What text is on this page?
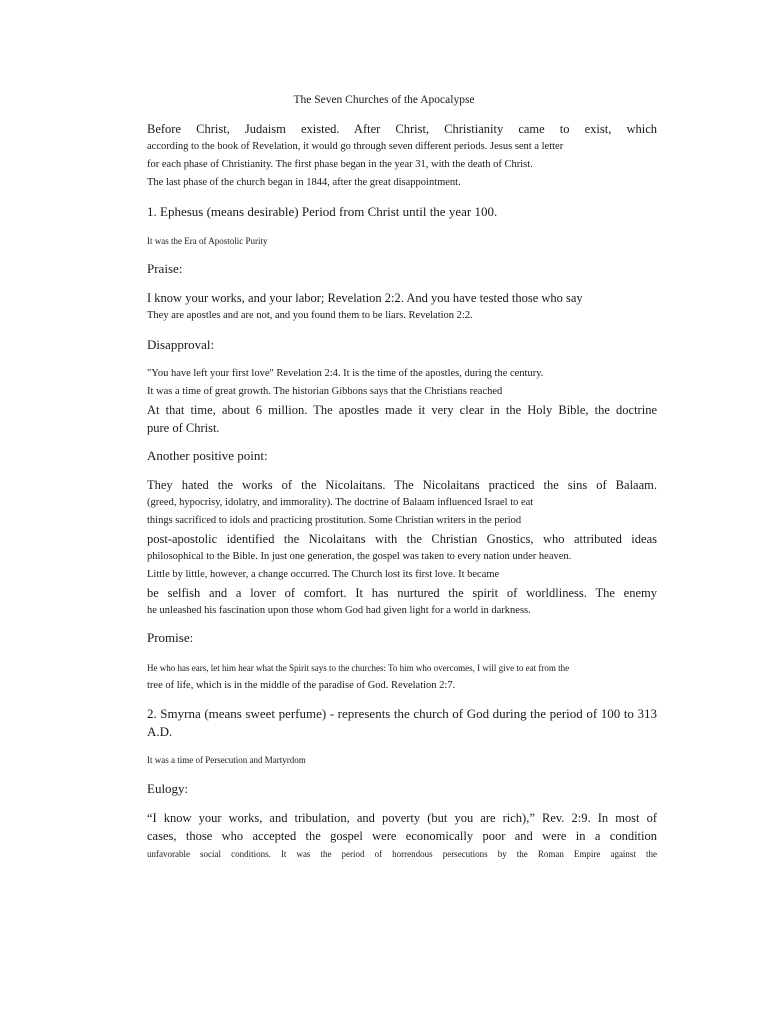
The Seven Churches of the Apocalypse
Before Christ, Judaism existed. After Christ, Christianity came to exist, which
according to the book of Revelation, it would go through seven different periods. Jesus sent a letter
for each phase of Christianity. The first phase began in the year 31, with the death of Christ.
The last phase of the church began in 1844, after the great disappointment.
1. Ephesus (means desirable) Period from Christ until the year 100.
It was the Era of Apostolic Purity
Praise:
I know your works, and your labor; Revelation 2:2. And you have tested those who say
They are apostles and are not, and you found them to be liars. Revelation 2:2.
Disapproval:
"You have left your first love" Revelation 2:4. It is the time of the apostles, during the century.
It was a time of great growth. The historian Gibbons says that the Christians reached
At that time, about 6 million. The apostles made it very clear in the Holy Bible, the doctrine
pure of Christ.
Another positive point:
They hated the works of the Nicolaitans. The Nicolaitans practiced the sins of Balaam.
(greed, hypocrisy, idolatry, and immorality). The doctrine of Balaam influenced Israel to eat
things sacrificed to idols and practicing prostitution. Some Christian writers in the period
post-apostolic identified the Nicolaitans with the Christian Gnostics, who attributed ideas
philosophical to the Bible. In just one generation, the gospel was taken to every nation under heaven.
Little by little, however, a change occurred. The Church lost its first love. It became
be selfish and a lover of comfort. It has nurtured the spirit of worldliness. The enemy
he unleashed his fascination upon those whom God had given light for a world in darkness.
Promise:
He who has ears, let him hear what the Spirit says to the churches: To him who overcomes, I will give to eat from the
tree of life, which is in the middle of the paradise of God. Revelation 2:7.
2. Smyrna (means sweet perfume) - represents the church of God during the period of 100 to 313
A.D.
It was a time of Persecution and Martyrdom
Eulogy:
“I know your works, and tribulation, and poverty (but you are rich),” Rev. 2:9. In most of
cases, those who accepted the gospel were economically poor and were in a condition
unfavorable social conditions. It was the period of horrendous persecutions by the Roman Empire against the
